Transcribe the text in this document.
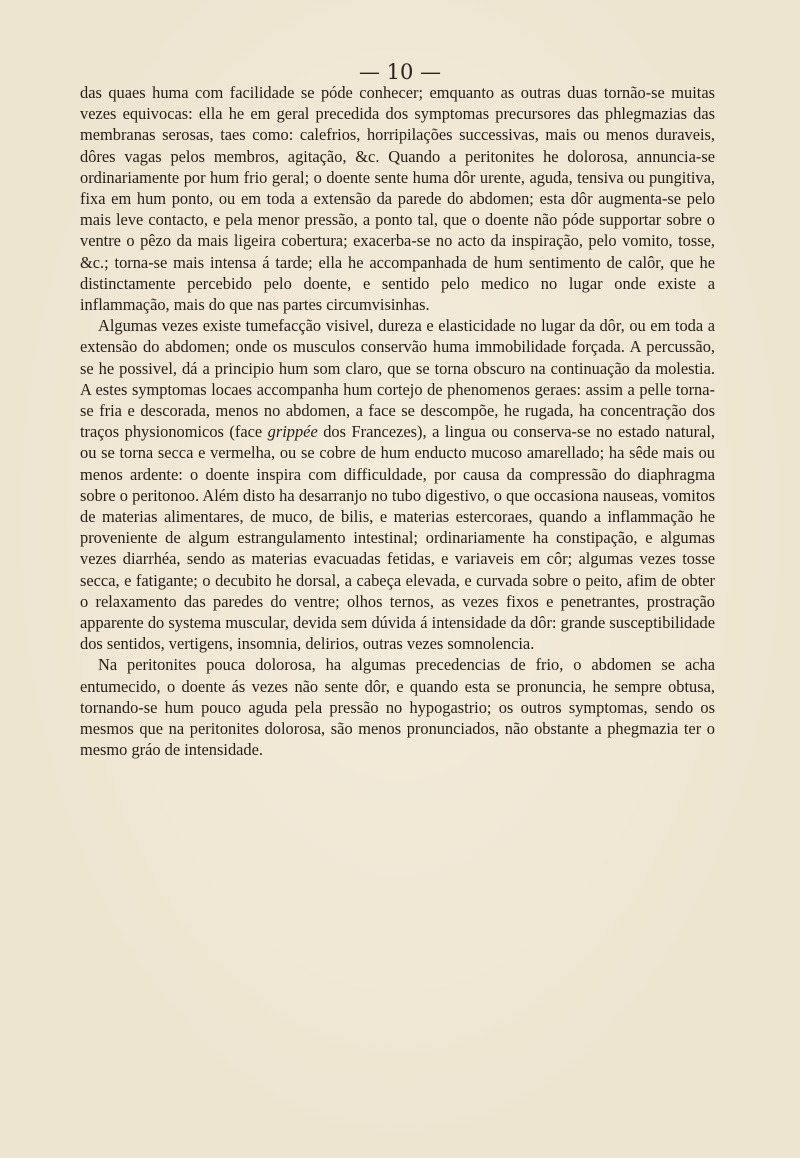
— 10 —

das quaes huma com facilidade se póde conhecer; emquanto as outras duas tornão-se muitas vezes equivocas: ella he em geral precedida dos symptomas precursores das phlegmazias das membranas serosas, taes como: calefrios, horripilações successivas, mais ou menos duraveis, dôres vagas pelos membros, agitação, &c. Quando a peritonites he dolorosa, annuncia-se ordinariamente por hum frio geral; o doente sente huma dôr urente, aguda, tensiva ou pungitiva, fixa em hum ponto, ou em toda a extensão da parede do abdomen; esta dôr augmenta-se pelo mais leve contacto, e pela menor pressão, a ponto tal, que o doente não póde supportar sobre o ventre o pêzo da mais ligeira cobertura; exacerba-se no acto da inspiração, pelo vomito, tosse, &c.; torna-se mais intensa á tarde; ella he accompanhada de hum sentimento de calôr, que he distinctamente percebido pelo doente, e sentido pelo medico no lugar onde existe a inflammação, mais do que nas partes circumvisinhas.

Algumas vezes existe tumefacção visivel, dureza e elasticidade no lugar da dôr, ou em toda a extensão do abdomen; onde os musculos conservão huma immobilidade forçada. A percussão, se he possivel, dá a principio hum som claro, que se torna obscuro na continuação da molestia. A estes symptomas locaes accompanha hum cortejo de phenomenos geraes: assim a pelle torna-se fria e descorada, menos no abdomen, a face se descompõe, he rugada, ha concentração dos traços physionomicos (face grippée dos Francezes), a lingua ou conserva-se no estado natural, ou se torna secca e vermelha, ou se cobre de hum enducto mucoso amarellado; ha sêde mais ou menos ardente: o doente inspira com difficuldade, por causa da compressão do diaphragma sobre o peritonoo. Além disto ha desarranjo no tubo digestivo, o que occasiona nauseas, vomitos de materias alimentares, de muco, de bilis, e materias estercoraes, quando a inflammação he proveniente de algum estrangulamento intestinal; ordinariamente ha constipação, e algumas vezes diarrhéa, sendo as materias evacuadas fetidas, e variaveis em côr; algumas vezes tosse secca, e fatigante; o decubito he dorsal, a cabeça elevada, e curvada sobre o peito, afim de obter o relaxamento das paredes do ventre; olhos ternos, as vezes fixos e penetrantes, prostração apparente do systema muscular, devida sem dúvida á intensidade da dôr: grande susceptibilidade dos sentidos, vertigens, insomnia, delirios, outras vezes somnolencia.

Na peritonites pouca dolorosa, ha algumas precedencias de frio, o abdomen se acha entumecido, o doente ás vezes não sente dôr, e quando esta se pronuncia, he sempre obtusa, tornando-se hum pouco aguda pela pressão no hypogastrio; os outros symptomas, sendo os mesmos que na peritonites dolorosa, são menos pronunciados, não obstante a phegmazia ter o mesmo gráo de intensidade.
